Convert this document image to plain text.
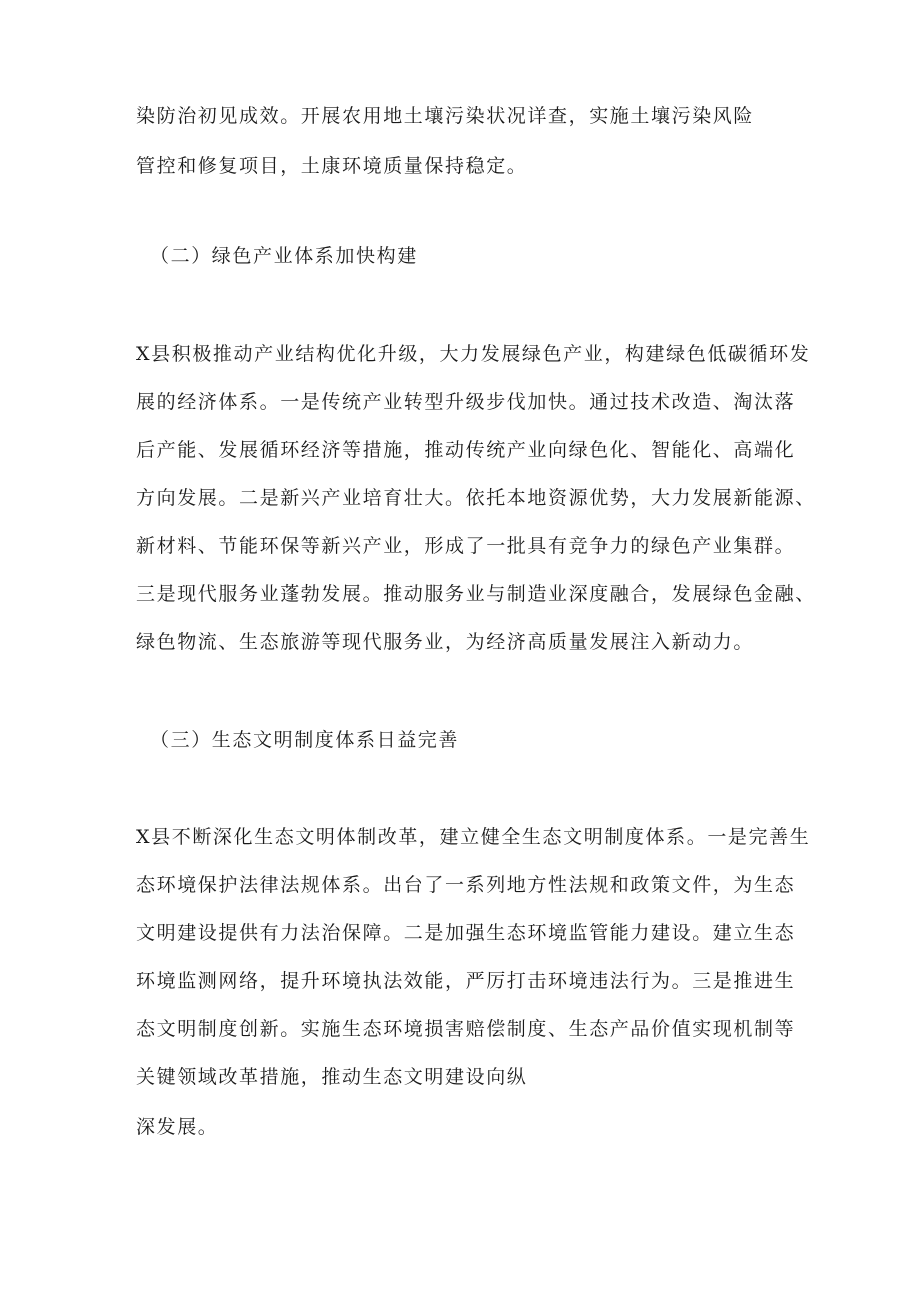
染防治初见成效。开展农用地土壤污染状况详查，实施土壤污染风险

管控和修复项目，土康环境质量保持稳定。

（二）绿色产业体系加快构建

X县积极推动产业结构优化升级，大力发展绿色产业，构建绿色低碳循环发

展的经济体系。一是传统产业转型升级步伐加快。通过技术改造、淘汰落

后产能、发展循环经济等措施，推动传统产业向绿色化、智能化、高端化

方向发展。二是新兴产业培育壮大。依托本地资源优势，大力发展新能源、

新材料、节能环保等新兴产业，形成了一批具有竞争力的绿色产业集群。

三是现代服务业蓬勃发展。推动服务业与制造业深度融合，发展绿色金融、

绿色物流、生态旅游等现代服务业，为经济高质量发展注入新动力。

（三）生态文明制度体系日益完善

X县不断深化生态文明体制改革，建立健全生态文明制度体系。一是完善生

态环境保护法律法规体系。出台了一系列地方性法规和政策文件，为生态

文明建设提供有力法治保障。二是加强生态环境监管能力建设。建立生态

环境监测网络，提升环境执法效能，严厉打击环境违法行为。三是推进生

态文明制度创新。实施生态环境损害赔偿制度、生态产品价值实现机制等

关键领域改革措施，推动生态文明建设向纵

深发展。
